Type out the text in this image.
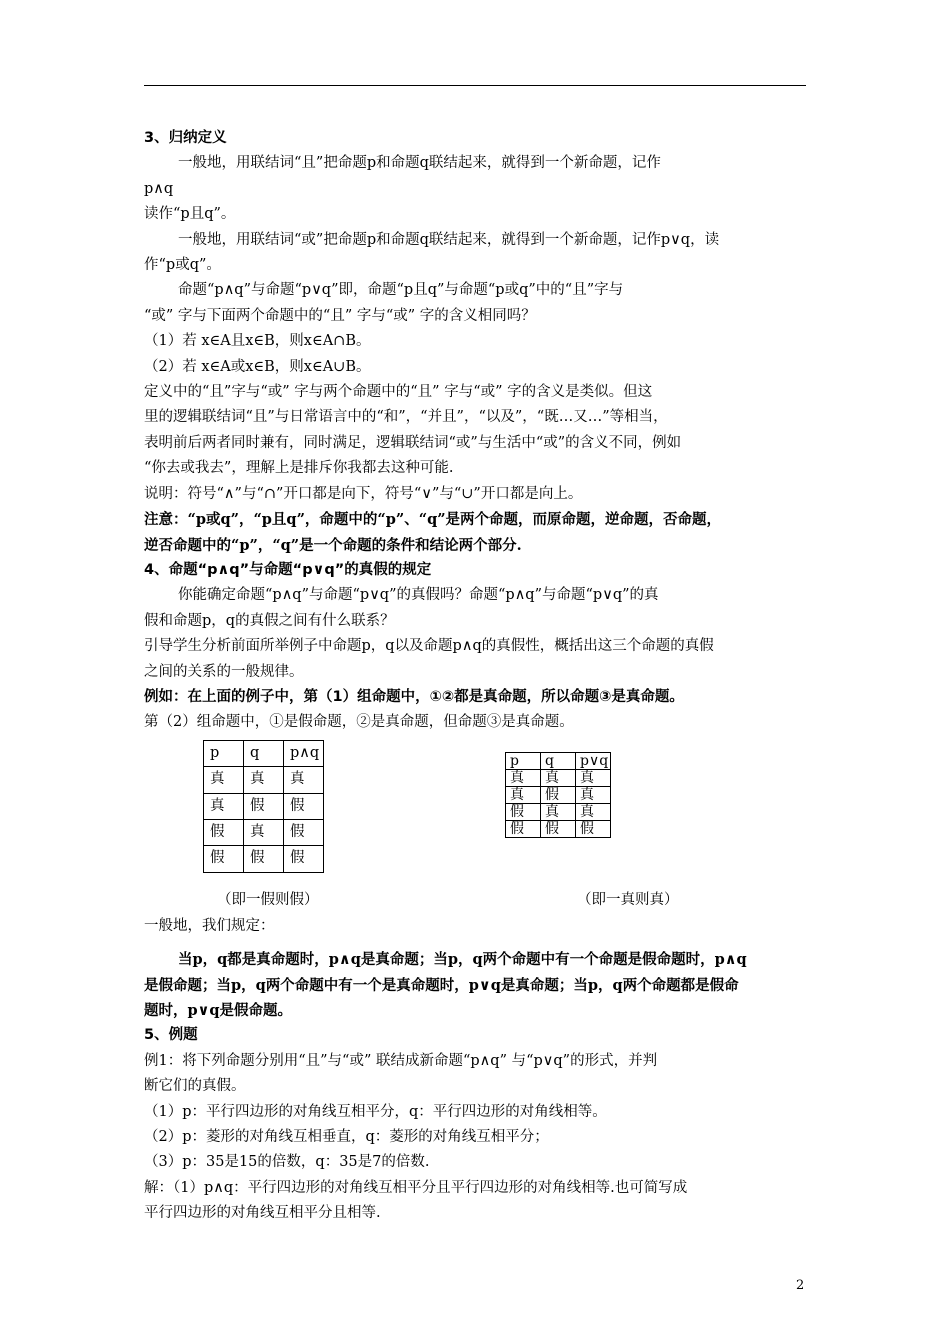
3、归纳定义

一般地，用联结词“且”把命题p和命题q联结起来，就得到一个新命题，记作

p∧q

读作“p且q”。

一般地，用联结词“或”把命题p和命题q联结起来，就得到一个新命题，记作p∨q，读

作“p或q”。

命题“p∧q”与命题“p∨q”即，命题“p且q”与命题“p或q”中的“且”字与

“或” 字与下面两个命题中的“且” 字与“或” 字的含义相同吗？

（1）若 x∈A且x∈B，则x∈A∩B。

（2）若 x∈A或x∈B，则x∈A∪B。

定义中的“且”字与“或” 字与两个命题中的“且” 字与“或” 字的含义是类似。但这

里的逻辑联结词“且”与日常语言中的“和”，“并且”，“以及”，“既…又…”等相当，

表明前后两者同时兼有，同时满足，逻辑联结词“或”与生活中“或”的含义不同，例如

“你去或我去”，理解上是排斥你我都去这种可能.

说明：符号“∧”与“∩”开口都是向下，符号“∨”与“∪”开口都是向上。

注意：“p或q”，“p且q”，命题中的“p”、“q”是两个命题，而原命题，逆命题，否命题，

逆否命题中的“p”，“q”是一个命题的条件和结论两个部分.

4、命题“p∧q”与命题“p∨q”的真假的规定

你能确定命题“p∧q”与命题“p∨q”的真假吗？命题“p∧q”与命题“p∨q”的真

假和命题p，q的真假之间有什么联系？

引导学生分析前面所举例子中命题p，q以及命题p∧q的真假性，概括出这三个命题的真假

之间的关系的一般规律。

例如：在上面的例子中，第（1）组命题中，①②都是真命题，所以命题③是真命题。

第（2）组命题中，①是假命题，②是真命题，但命题③是真命题。

p	q	p∧q
真	真	真
真	假	假
假	真	假
假	假	假
p	q	p∨q
真	真	真
真	假	真
假	真	真
假	假	假
（即一假则假）	（即一真则真）

一般地，我们规定：

当p，q都是真命题时，p∧q是真命题；当p，q两个命题中有一个命题是假命题时，p∧q

是假命题；当p，q两个命题中有一个是真命题时，p∨q是真命题；当p，q两个命题都是假命

题时，p∨q是假命题。

5、例题

例1：将下列命题分别用“且”与“或” 联结成新命题“p∧q” 与“p∨q”的形式，并判

断它们的真假。

（1）p：平行四边形的对角线互相平分，q：平行四边形的对角线相等。

（2）p：菱形的对角线互相垂直，q：菱形的对角线互相平分；

（3）p：35是15的倍数，q：35是7的倍数.

解：（1）p∧q：平行四边形的对角线互相平分且平行四边形的对角线相等.也可简写成

平行四边形的对角线互相平分且相等.

2
